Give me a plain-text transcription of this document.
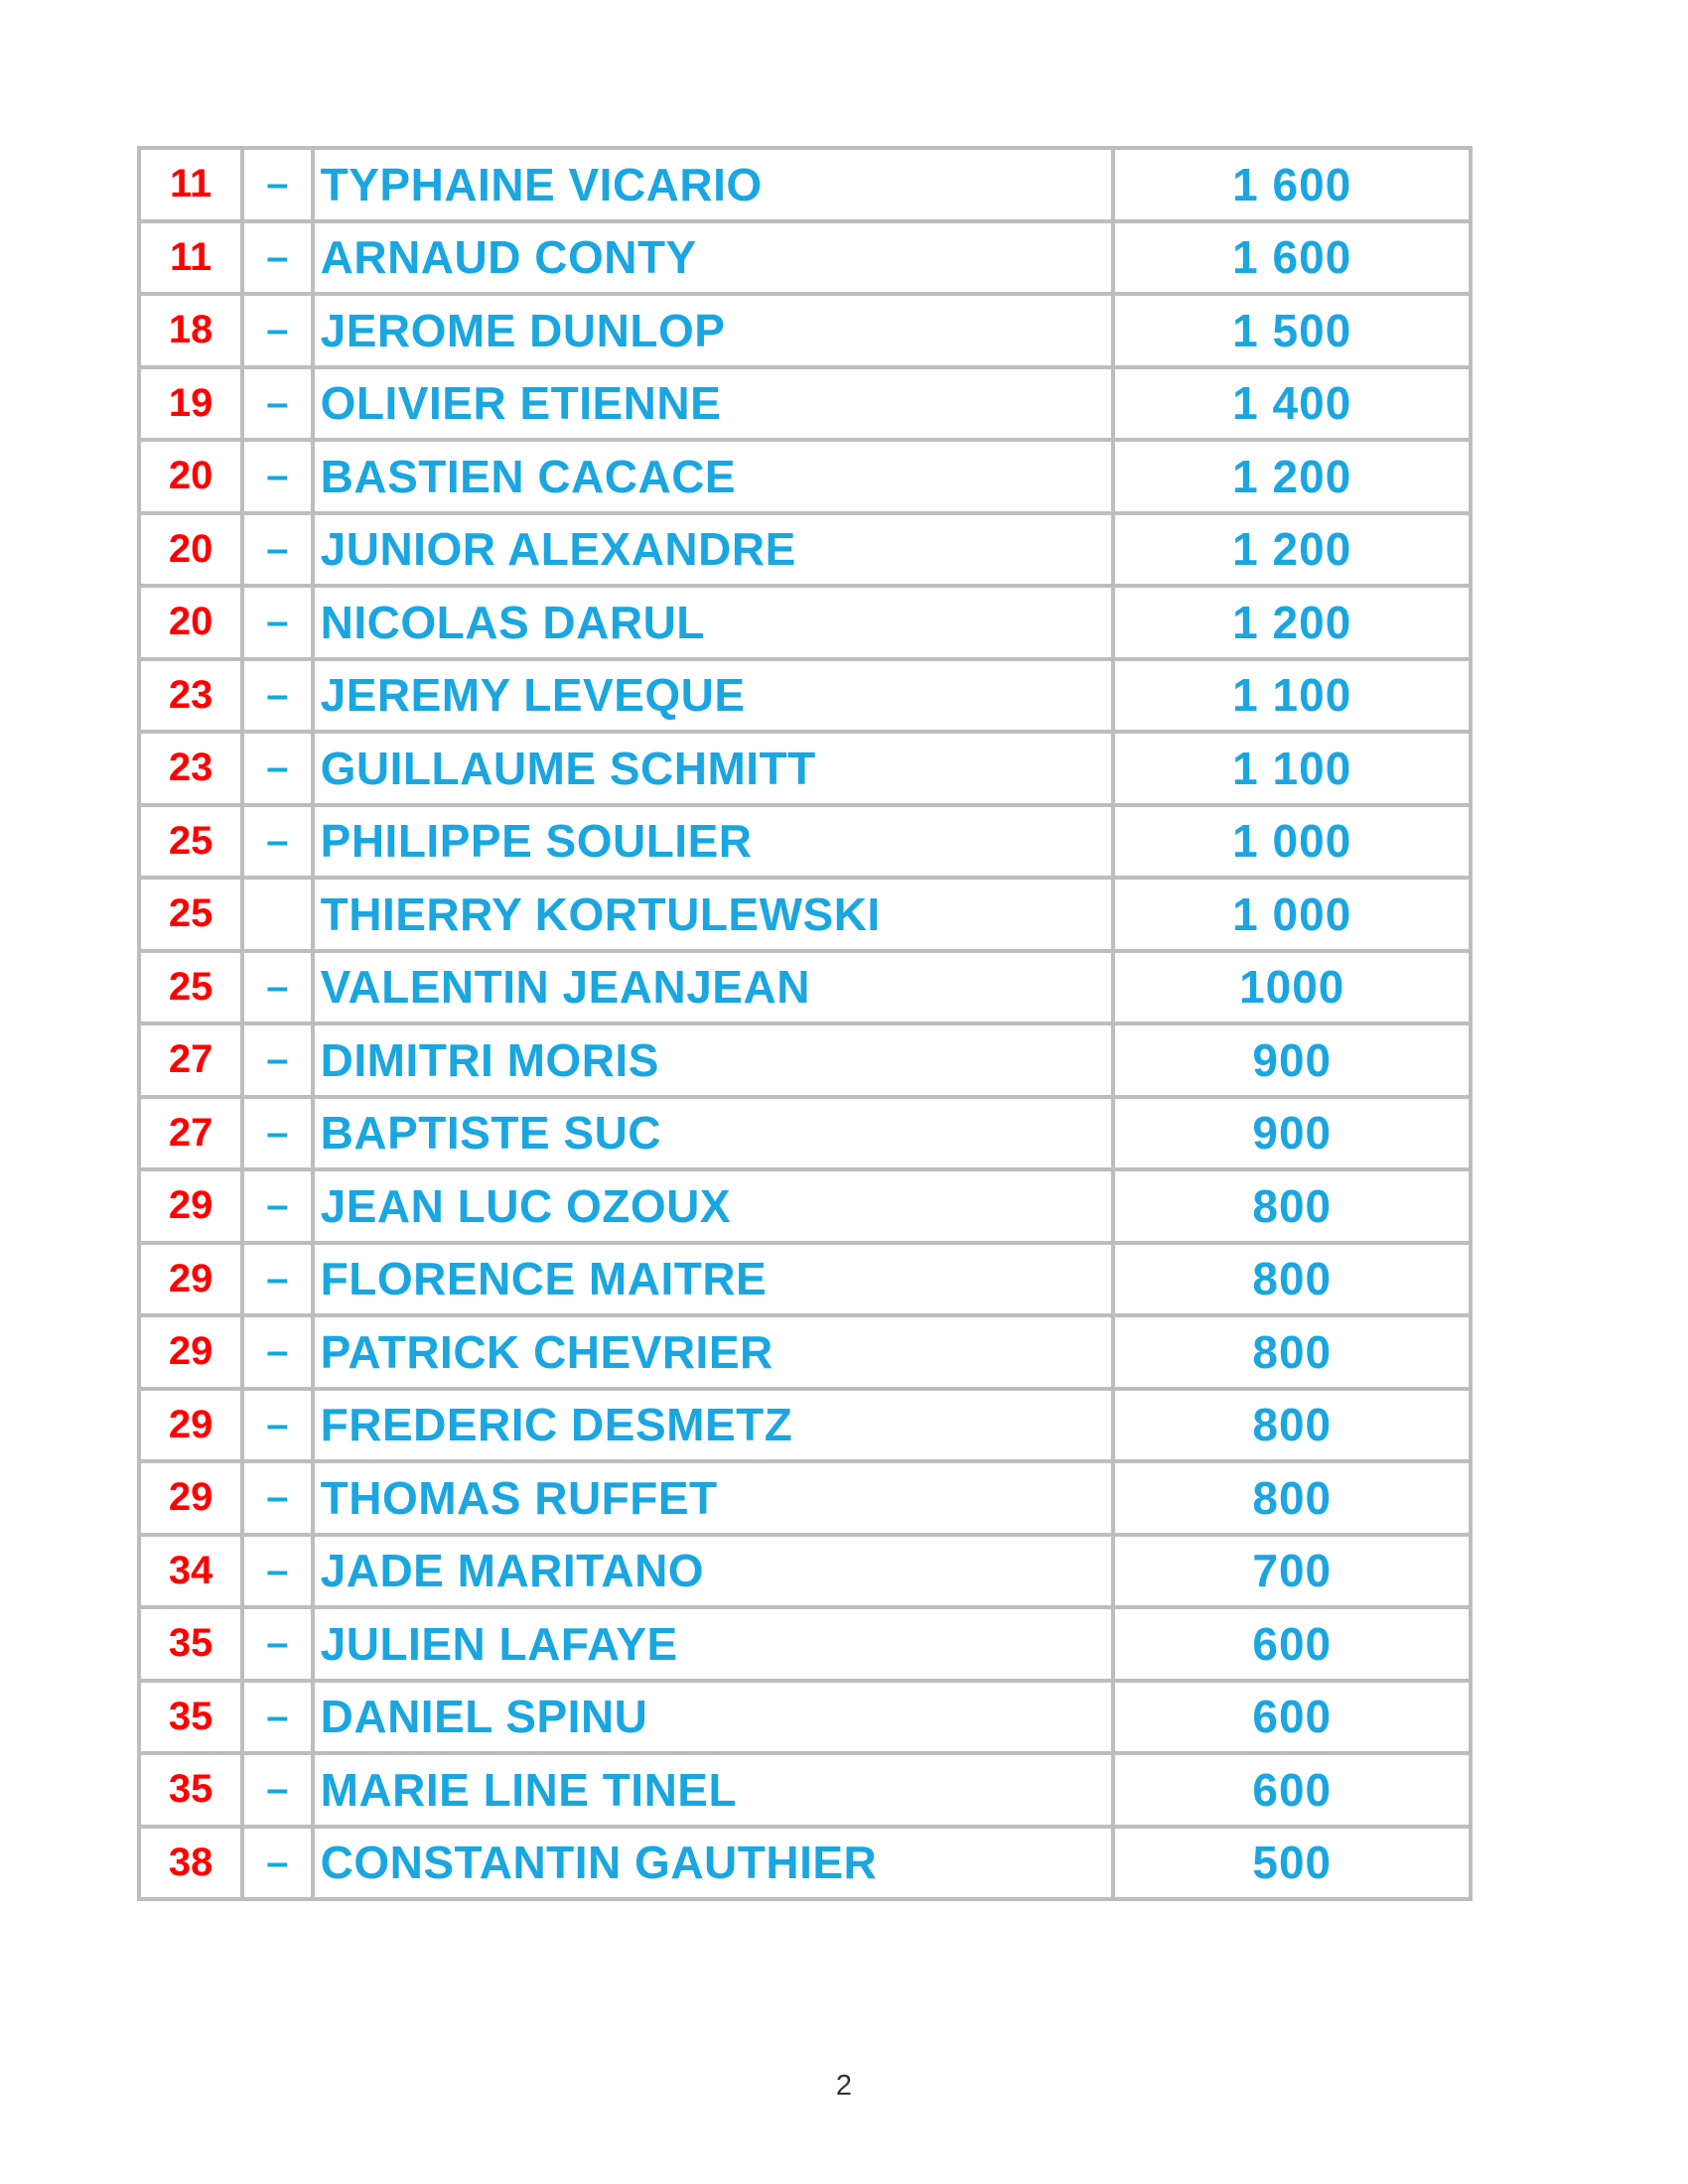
11	–	TYPHAINE VICARIO	1 600
11	–	ARNAUD CONTY	1 600
18	–	JEROME DUNLOP	1 500
19	–	OLIVIER ETIENNE	1 400
20	–	BASTIEN CACACE	1 200
20	–	JUNIOR ALEXANDRE	1 200
20	–	NICOLAS DARUL	1 200
23	–	JEREMY LEVEQUE	1 100
23	–	GUILLAUME SCHMITT	1 100
25	–	PHILIPPE SOULIER	1 000
25		THIERRY KORTULEWSKI	1 000
25	–	VALENTIN JEANJEAN	1000
27	–	DIMITRI MORIS	900
27	–	BAPTISTE SUC	900
29	–	JEAN LUC OZOUX	800
29	–	FLORENCE MAITRE	800
29	–	PATRICK CHEVRIER	800
29	–	FREDERIC DESMETZ	800
29	–	THOMAS RUFFET	800
34	–	JADE MARITANO	700
35	–	JULIEN LAFAYE	600
35	–	DANIEL SPINU	600
35	–	MARIE LINE TINEL	600
38	–	CONSTANTIN GAUTHIER	500
2
